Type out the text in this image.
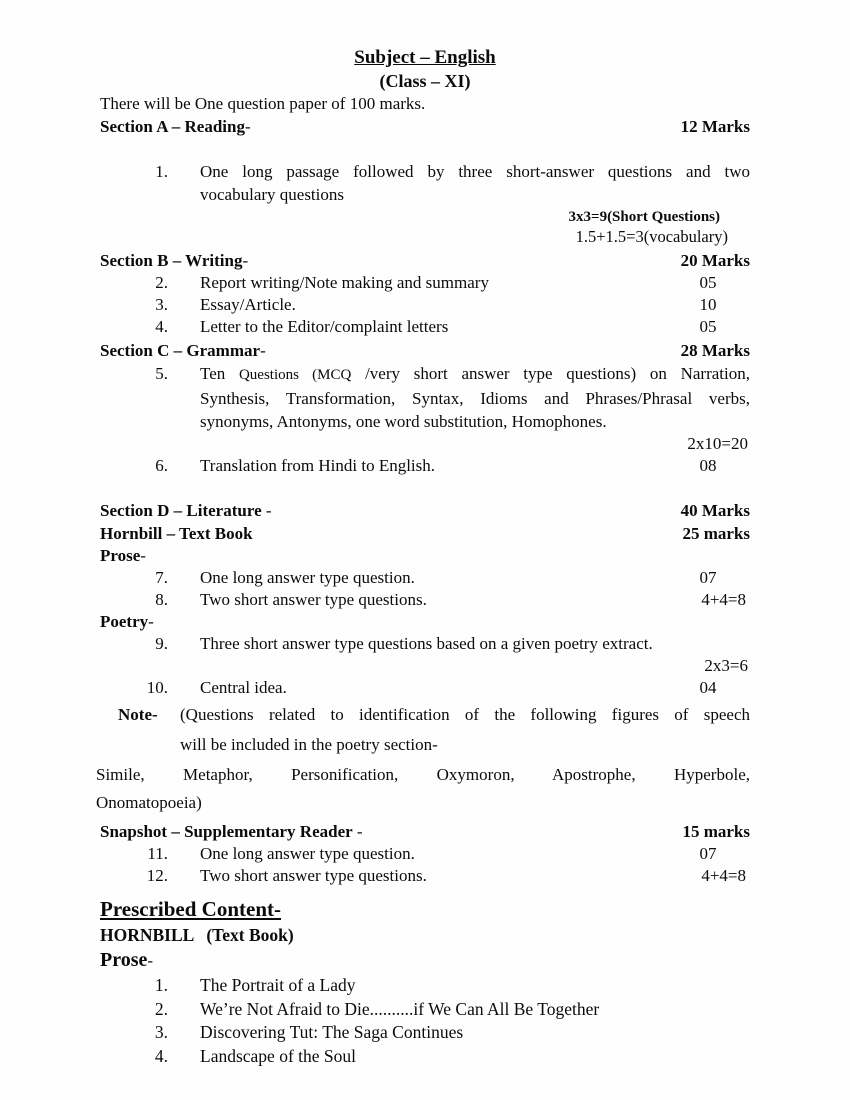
Subject – English
(Class – XI)
There will be One question paper of 100 marks.
Section A – Reading-	12 Marks
1.	One long passage followed by three short-answer questions and two
vocabulary questions
3x3=9(Short Questions)
1.5+1.5=3(vocabulary)
Section B – Writing-	20 Marks
2.	Report writing/Note making and summary	05
3.	Essay/Article.	10
4.	Letter to the Editor/complaint letters	05
Section C – Grammar-	28 Marks
5.	Ten Questions (MCQ /very short answer type questions) on Narration,
Synthesis, Transformation, Syntax, Idioms and Phrases/Phrasal verbs,
synonyms, Antonyms, one word substitution, Homophones.
2x10=20
6.	Translation from Hindi to English.	08
Section D – Literature -	40 Marks
Hornbill – Text Book	25 marks
Prose-
7.	One long answer type question.	07
8.	Two short answer type questions.	4+4=8
Poetry-
9.	Three short answer type questions based on a given poetry extract.
2x3=6
10.	Central idea.	04
Note-	(Questions related to identification of the following figures of speech
will be included in the poetry section-
Simile, Metaphor, Personification, Oxymoron, Apostrophe, Hyperbole,
Onomatopoeia)
Snapshot – Supplementary Reader -	15 marks
11.	One long answer type question.	07
12.	Two short answer type questions.	4+4=8
Prescribed Content-
HORNBILL (Text Book)
Prose-
1.	The Portrait of a Lady
2.	We’re Not Afraid to Die..........if We Can All Be Together
3.	Discovering Tut: The Saga Continues
4.	Landscape of the Soul
